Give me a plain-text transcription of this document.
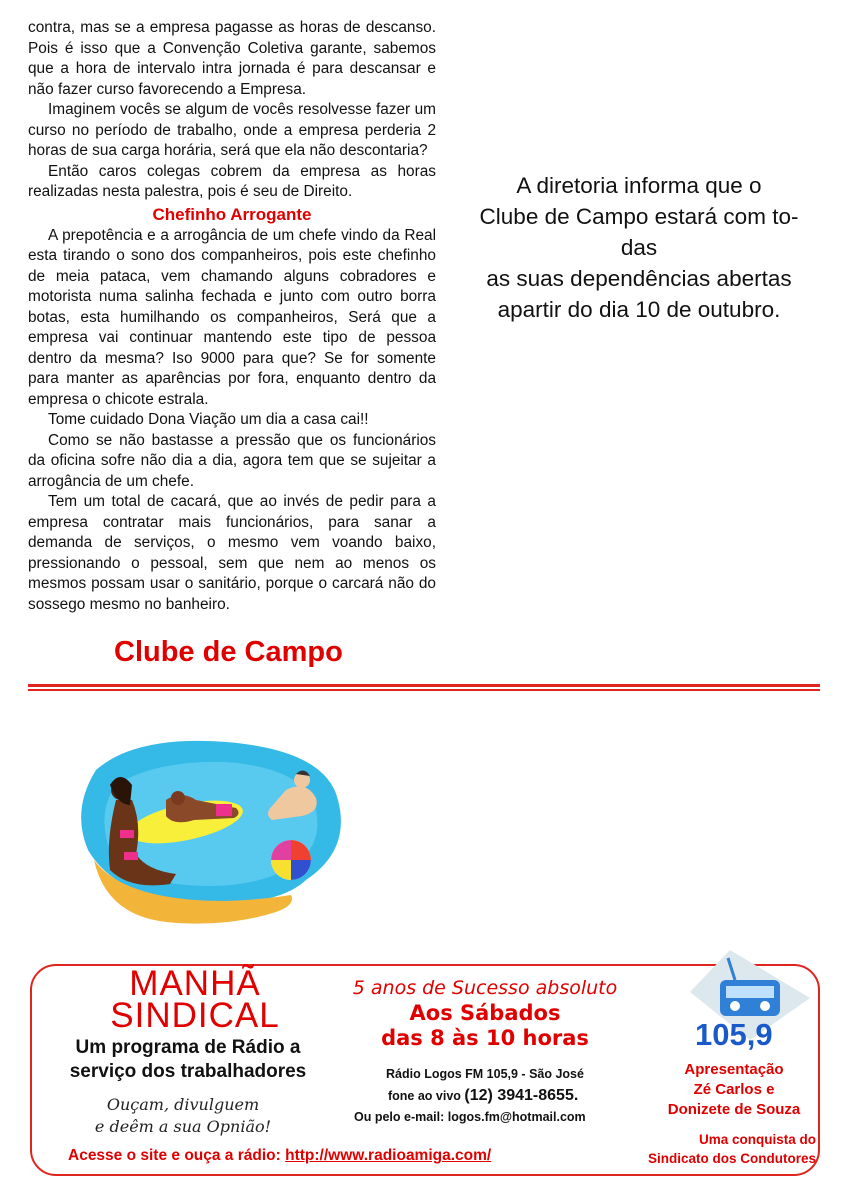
contra, mas se a empresa pagasse as horas de descanso. Pois é isso que a Convenção Coletiva garante, sabemos que a hora de intervalo intra jornada é para descansar e não fazer curso favorecendo a Empresa.

Imaginem vocês se algum de vocês resolvesse fazer um curso no período de trabalho, onde a empresa perderia 2 horas de sua carga horária, será que ela não descontaria?

Então caros colegas cobrem da empresa as horas realizadas nesta palestra, pois é seu de Direito.

Chefinho Arrogante

A prepotência e a arrogância de um chefe vindo da Real esta tirando o sono dos companheiros, pois este chefinho de meia pataca, vem chamando alguns cobradores e motorista numa salinha fechada e junto com outro borra botas, esta humilhando os companheiros, Será que a empresa vai continuar mantendo este tipo de pessoa dentro da mesma? Iso 9000 para que? Se for somente para manter as aparências por fora, enquanto dentro da empresa o chicote estrala.

Tome cuidado Dona Viação um dia a casa cai!!

Como se não bastasse a pressão que os funcionários da oficina sofre não dia a dia, agora tem que se sujeitar a arrogância de um chefe.

Tem um total de cacará, que ao invés de pedir para a empresa contratar mais funcionários, para sanar a demanda de serviços, o mesmo vem voando baixo, pressionando o pessoal, sem que nem ao menos os mesmos possam usar o sanitário, porque o carcará não do sossego mesmo no banheiro.

A diretoria informa que o
Clube de Campo estará com to-
das
as suas dependências abertas
apartir do dia 10 de outubro.
Clube de Campo
MANHÃ
SINDICAL
Um programa de Rádio a
serviço dos trabalhadores
Ouçam, divulguem
e deêm a sua Opnião!
Acesse o site e ouça a rádio: http://www.radioamiga.com/
5 anos de Sucesso absoluto
Aos Sábados
das 8 às 10 horas
Rádio Logos FM 105,9 - São José
fone ao vivo (12) 3941-8655.
Ou pelo e-mail: logos.fm@hotmail.com
105,9
Apresentação
Zé Carlos e
Donizete de Souza
Uma conquista do
Sindicato dos Condutores
